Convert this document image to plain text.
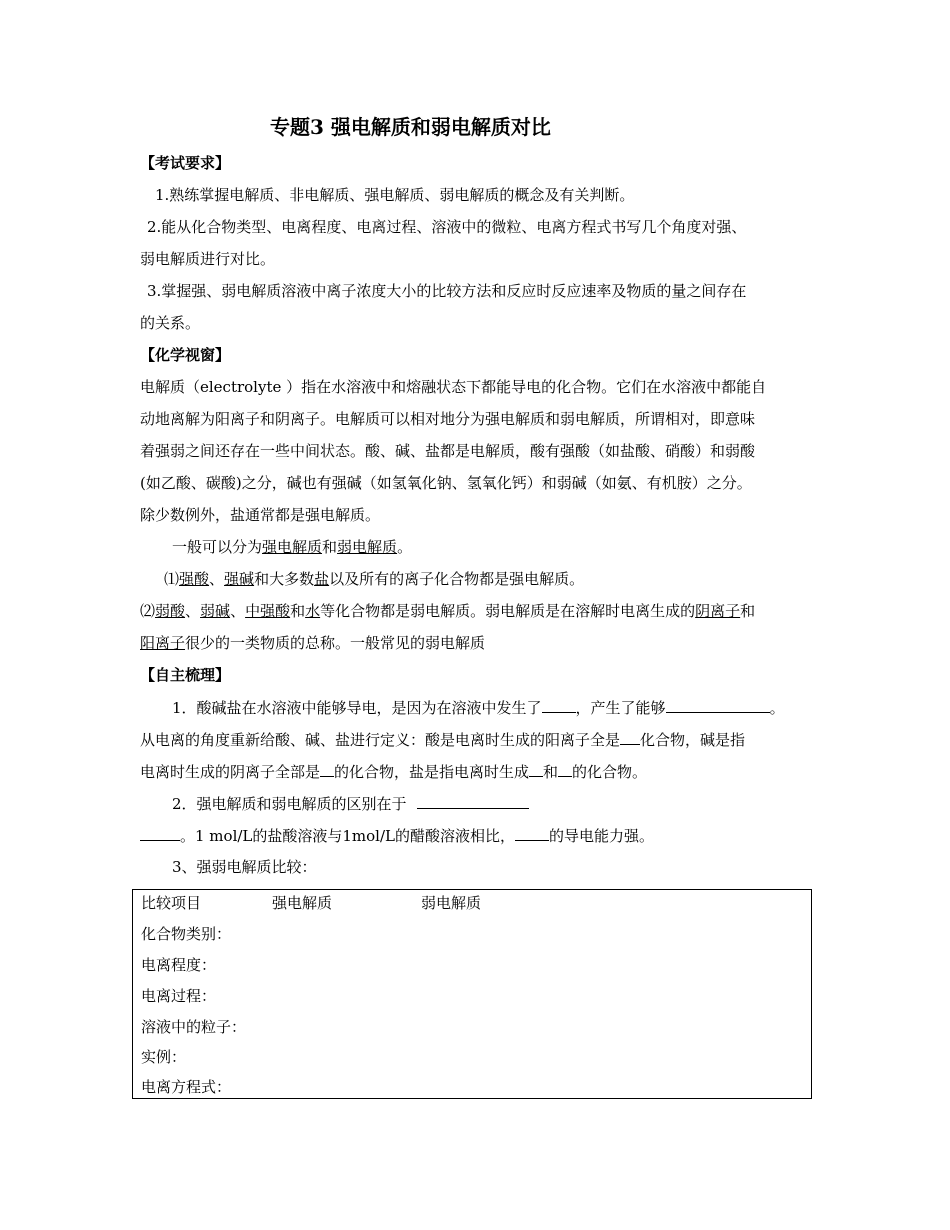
专题3 强电解质和弱电解质对比
【考试要求】
1.熟练掌握电解质、非电解质、强电解质、弱电解质的概念及有关判断。
2.能从化合物类型、电离程度、电离过程、溶液中的微粒、电离方程式书写几个角度对强、
弱电解质进行对比。
3.掌握强、弱电解质溶液中离子浓度大小的比较方法和反应时反应速率及物质的量之间存在
的关系。
【化学视窗】
电解质（electrolyte ）指在水溶液中和熔融状态下都能导电的化合物。它们在水溶液中都能自
动地离解为阳离子和阴离子。电解质可以相对地分为强电解质和弱电解质，所谓相对，即意味
着强弱之间还存在一些中间状态。酸、碱、盐都是电解质，酸有强酸（如盐酸、硝酸）和弱酸
(如乙酸、碳酸)之分，碱也有强碱（如氢氧化钠、氢氧化钙）和弱碱（如氨、有机胺）之分。
除少数例外，盐通常都是强电解质。
一般可以分为强电解质和弱电解质。
⑴强酸、强碱和大多数盐以及所有的离子化合物都是强电解质。
⑵弱酸、弱碱、中强酸和水等化合物都是弱电解质。弱电解质是在溶解时电离生成的阴离子和
阳离子很少的一类物质的总称。一般常见的弱电解质
【自主梳理】
1．酸碱盐在水溶液中能够导电，是因为在溶液中发生了 ，产生了能够	。
从电离的角度重新给酸、碱、盐进行定义：酸是电离时生成的阳离子全是 化合物，碱是指
电离时生成的阴离子全部是 的化合物，盐是指电离时生成 和 的化合物。
2．强电解质和弱电解质的区别在于
。1 mol/L的盐酸溶液与1mol/L的醋酸溶液相比， 的导电能力强。
3、强弱电解质比较：
比较项目	强电解质	弱电解质
化合物类别：
电离程度：
电离过程：
溶液中的粒子：
实例：
电离方程式：
